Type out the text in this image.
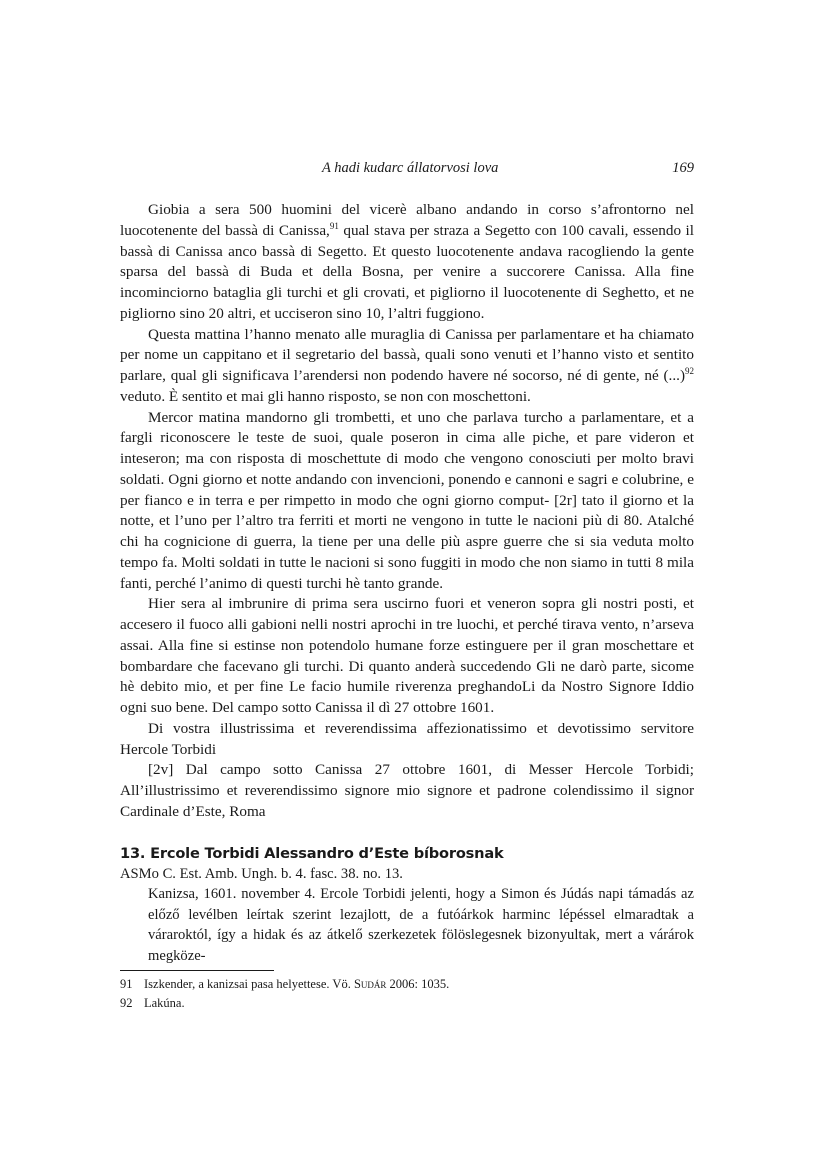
A hadi kudarc állatorvosi lova	169

Giobia a sera 500 huomini del vicerè albano andando in corso s’afrontorno nel luocotenente del bassà di Canissa,$^{91}$ qual stava per straza a Segetto con 100 cavali, essendo il bassà di Canissa anco bassà di Segetto. Et questo luocotenente andava racogliendo la gente sparsa del bassà di Buda et della Bosna, per venire a succorere Canissa. Alla fine incominciorno bataglia gli turchi et gli crovati, et pigliorno il luocotenente di Seghetto, et ne pigliorno sino 20 altri, et ucciseron sino 10, l’altri fuggiono.

Questa mattina l’hanno menato alle muraglia di Canissa per parlamentare et ha chiamato per nome un cappitano et il segretario del bassà, quali sono venuti et l’hanno visto et sentito parlare, qual gli significava l’arendersi non podendo havere né socorso, né di gente, né (...)$^{92}$ veduto. È sentito et mai gli hanno risposto, se non con moschettoni.

Mercor matina mandorno gli trombetti, et uno che parlava turcho a parlamentare, et a fargli riconoscere le teste de suoi, quale poseron in cima alle piche, et pare videron et inteseron; ma con risposta di moschettute di modo che vengono conosciuti per molto bravi soldati. Ogni giorno et notte andando con invencioni, ponendo e cannoni e sagri e colubrine, e per fianco e in terra e per rimpetto in modo che ogni giorno comput- [2r] tato il giorno et la notte, et l’uno per l’altro tra ferriti et morti ne vengono in tutte le nacioni più di 80. Atalché chi ha cognicione di guerra, la tiene per una delle più aspre guerre che si sia veduta molto tempo fa. Molti soldati in tutte le nacioni si sono fuggiti in modo che non siamo in tutti 8 mila fanti, perché l’animo di questi turchi hè tanto grande.

Hier sera al imbrunire di prima sera uscirno fuori et veneron sopra gli nostri posti, et accesero il fuoco alli gabioni nelli nostri aprochi in tre luochi, et perché tirava vento, n’arseva assai. Alla fine si estinse non potendolo humane forze estinguere per il gran moschettare et bombardare che facevano gli turchi. Di quanto anderà succedendo Gli ne darò parte, sicome hè debito mio, et per fine Le facio humile riverenza preghandoLi da Nostro Signore Iddio ogni suo bene. Del campo sotto Canissa il dì 27 ottobre 1601.

Di vostra illustrissima et reverendissima affezionatissimo et devotissimo servitore Hercole Torbidi

[2v] Dal campo sotto Canissa 27 ottobre 1601, di Messer Hercole Torbidi; All’illustrissimo et reverendissimo signore mio signore et padrone colendissimo il signor Cardinale d’Este, Roma

13. Ercole Torbidi Alessandro d’Este bíborosnak
ASMo C. Est. Amb. Ungh. b. 4. fasc. 38. no. 13.

Kanizsa, 1601. november 4. Ercole Torbidi jelenti, hogy a Simon és Júdás napi támadás az előző levélben leírtak szerint lezajlott, de a futóárkok harminc lépéssel elmaradtak a váraroktól, így a hidak és az átkelő szerkezetek fölöslegesnek bizonyultak, mert a várárok megköze-

91 Iszkender, a kanizsai pasa helyettese. Vö. Sudár 2006: 1035.
92 Lakúna.
